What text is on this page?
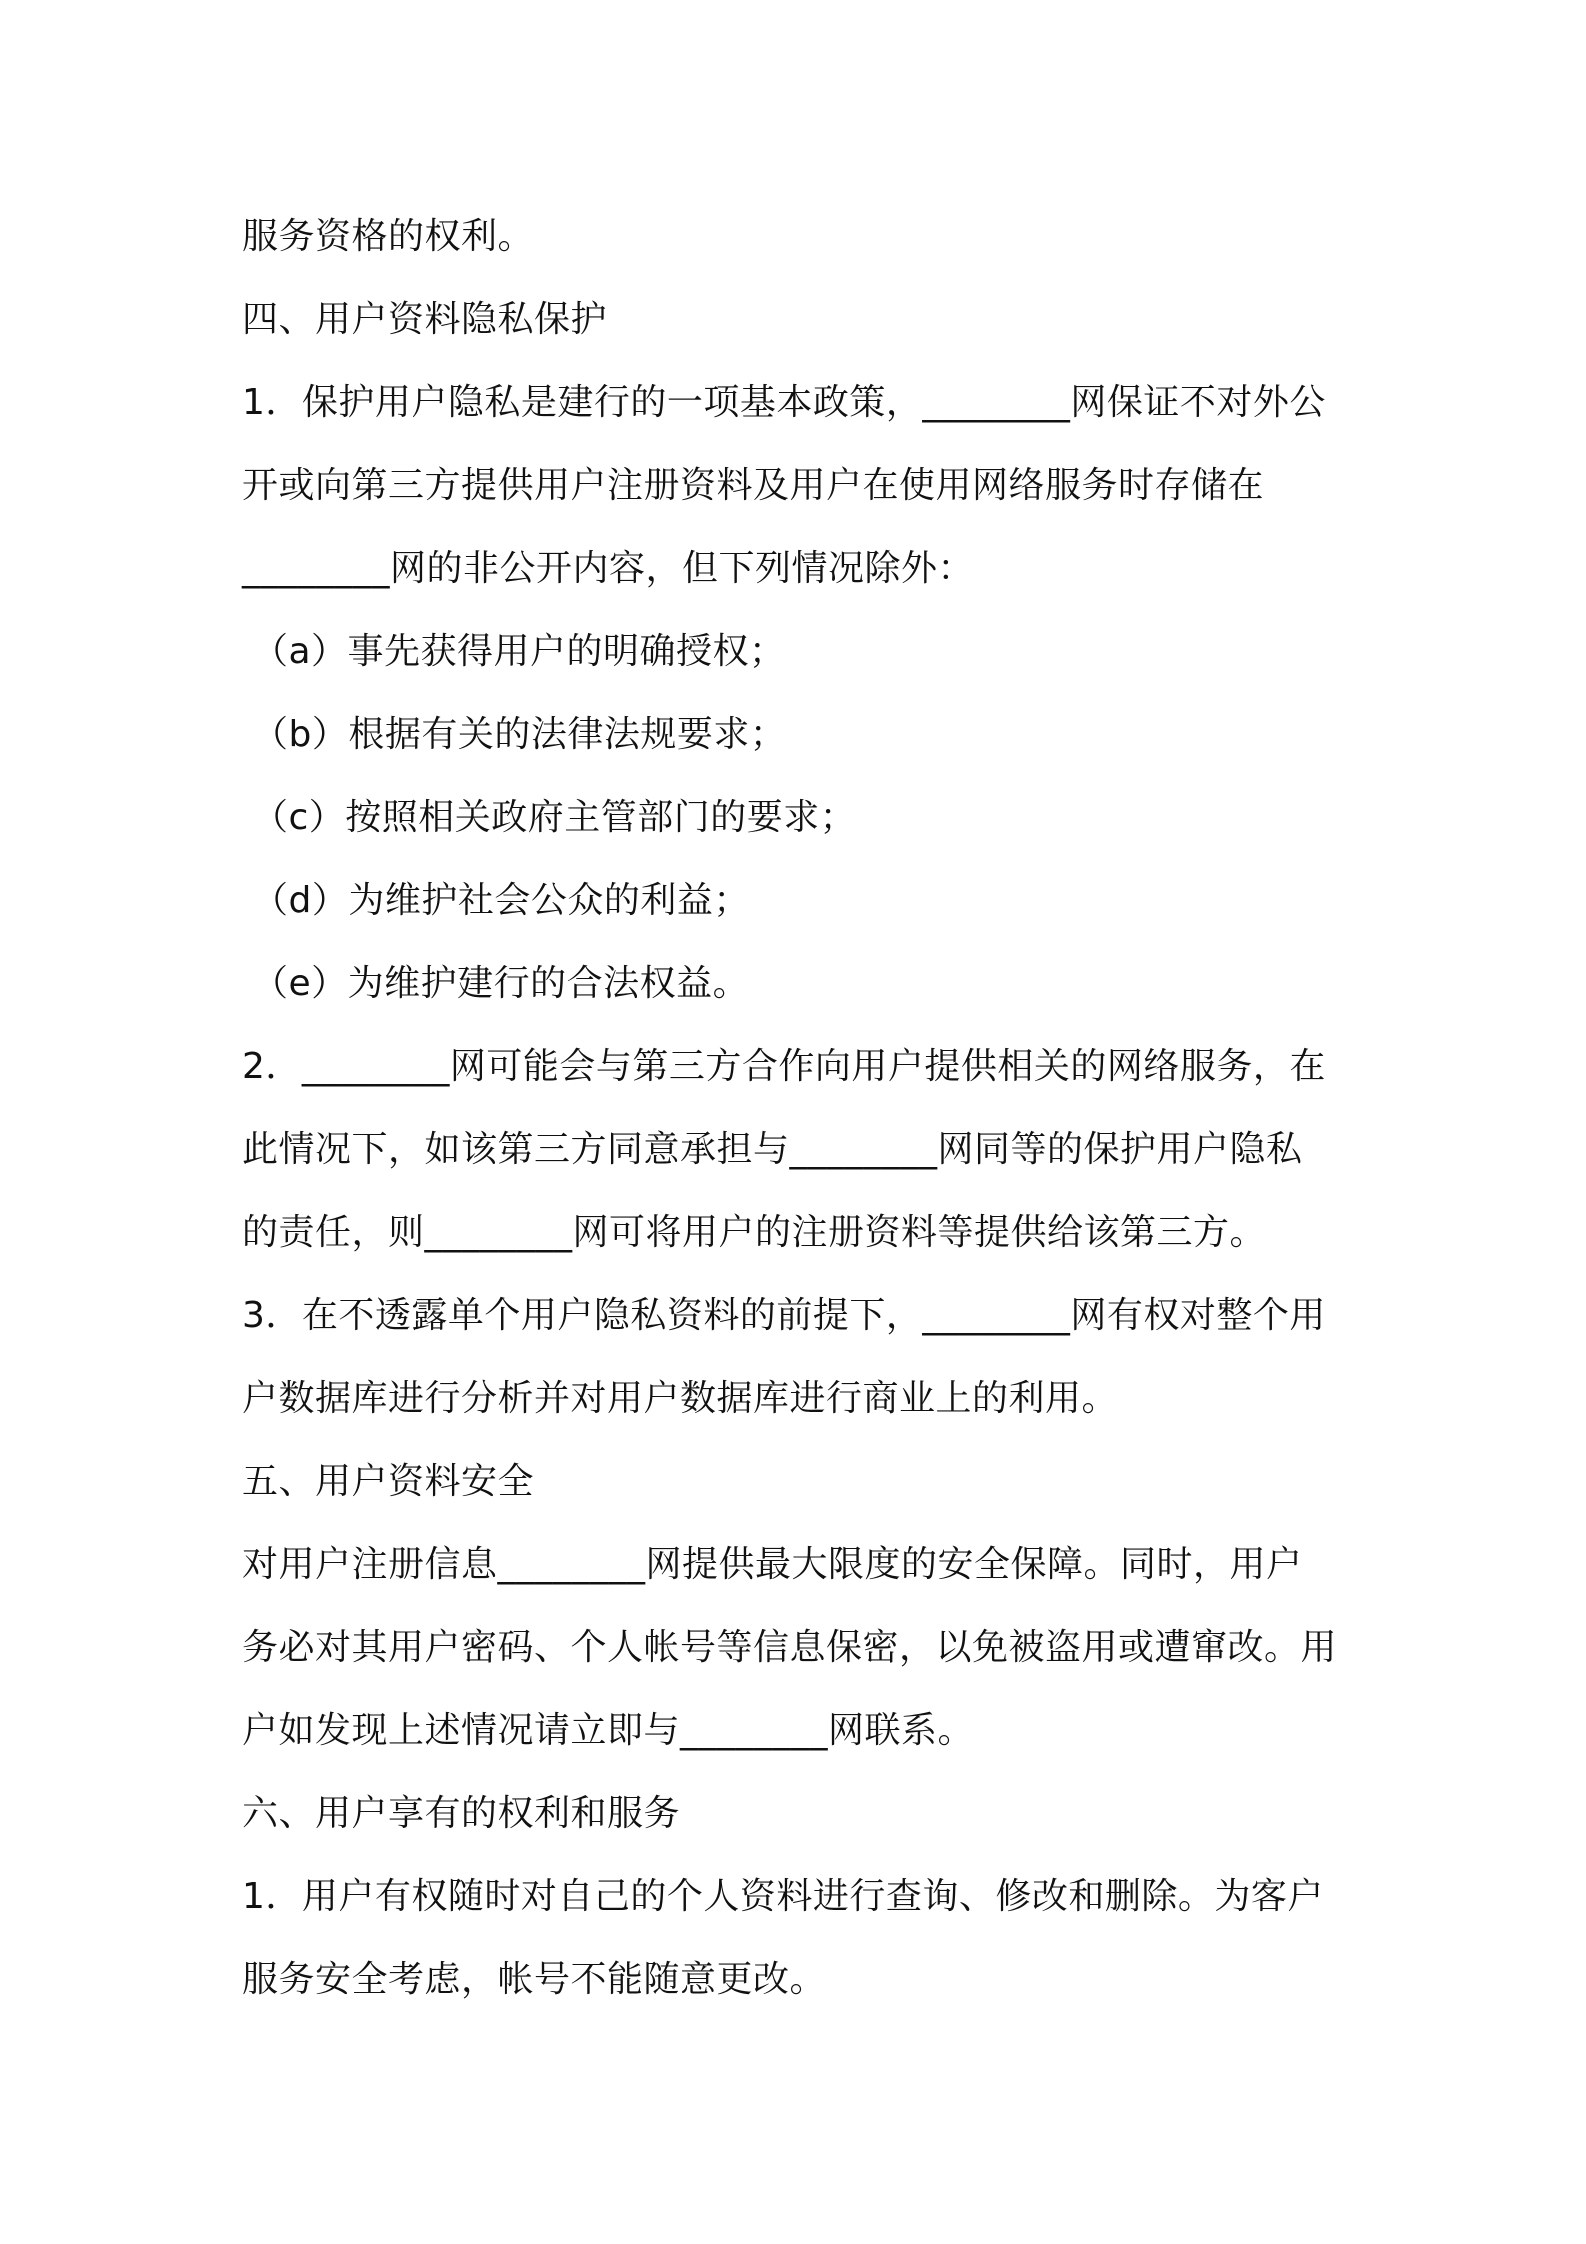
服务资格的权利。
四、用户资料隐私保护
1．保护用户隐私是建行的一项基本政策，________网保证不对外公
开或向第三方提供用户注册资料及用户在使用网络服务时存储在
________网的非公开内容，但下列情况除外：
（a）事先获得用户的明确授权；
（b）根据有关的法律法规要求；
（c）按照相关政府主管部门的要求；
（d）为维护社会公众的利益；
（e）为维护建行的合法权益。
2．________网可能会与第三方合作向用户提供相关的网络服务，在
此情况下，如该第三方同意承担与________网同等的保护用户隐私
的责任，则________网可将用户的注册资料等提供给该第三方。
3．在不透露单个用户隐私资料的前提下，________网有权对整个用
户数据库进行分析并对用户数据库进行商业上的利用。
五、用户资料安全
对用户注册信息________网提供最大限度的安全保障。同时，用户
务必对其用户密码、个人帐号等信息保密，以免被盗用或遭窜改。用
户如发现上述情况请立即与________网联系。
六、用户享有的权利和服务
1．用户有权随时对自己的个人资料进行查询、修改和删除。为客户
服务安全考虑，帐号不能随意更改。
